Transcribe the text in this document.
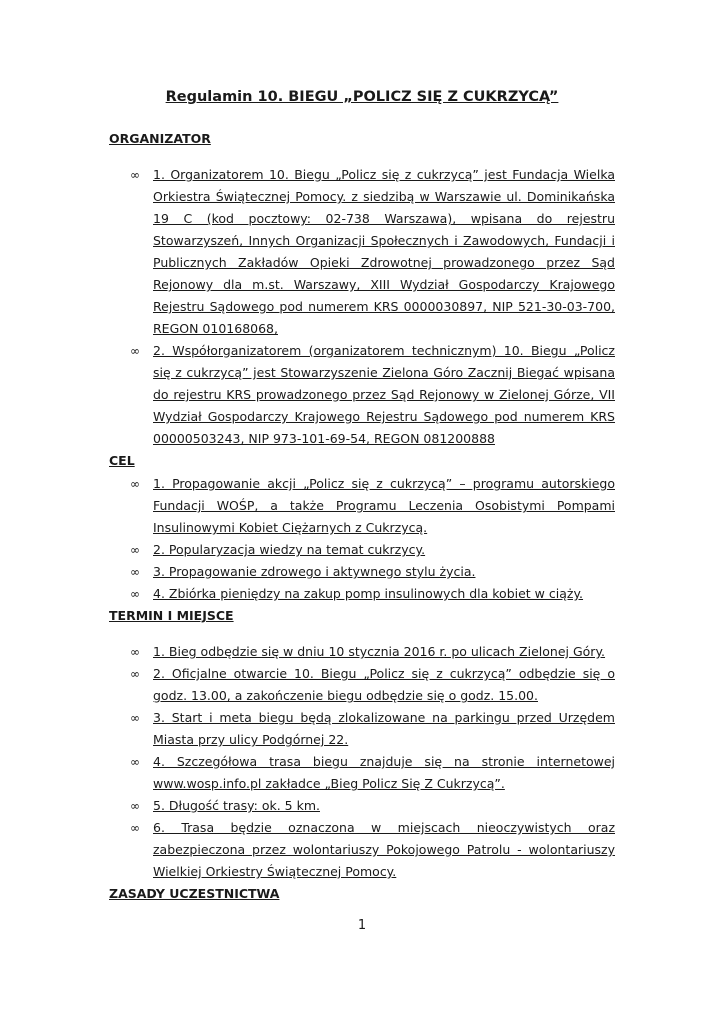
Regulamin 10. BIEGU „POLICZ SIĘ Z CUKRZYCĄ”
ORGANIZATOR
∞ 1. Organizatorem 10. Biegu „Policz się z cukrzycą” jest Fundacja Wielka Orkiestra Świątecznej Pomocy. z siedzibą w Warszawie ul. Dominikańska 19 C (kod pocztowy: 02-738 Warszawa), wpisana do rejestru Stowarzyszeń, Innych Organizacji Społecznych i Zawodowych, Fundacji i Publicznych Zakładów Opieki Zdrowotnej prowadzonego przez Sąd Rejonowy dla m.st. Warszawy, XIII Wydział Gospodarczy Krajowego Rejestru Sądowego pod numerem KRS 0000030897, NIP 521-30-03-700, REGON 010168068,
∞ 2. Współorganizatorem (organizatorem technicznym) 10. Biegu „Policz się z cukrzycą” jest Stowarzyszenie Zielona Góro Zacznij Biegać wpisana do rejestru KRS prowadzonego przez Sąd Rejonowy w Zielonej Górze, VII Wydział Gospodarczy Krajowego Rejestru Sądowego pod numerem KRS 00000503243, NIP 973-101-69-54, REGON 081200888
CEL
∞ 1. Propagowanie akcji „Policz się z cukrzycą” – programu autorskiego Fundacji WOŚP, a także Programu Leczenia Osobistymi Pompami Insulinowymi Kobiet Ciężarnych z Cukrzycą.
∞ 2. Popularyzacja wiedzy na temat cukrzycy.
∞ 3. Propagowanie zdrowego i aktywnego stylu życia.
∞ 4. Zbiórka pieniędzy na zakup pomp insulinowych dla kobiet w ciąży.
TERMIN I MIEJSCE
∞ 1. Bieg odbędzie się w dniu 10 stycznia 2016 r. po ulicach Zielonej Góry.
∞ 2. Oficjalne otwarcie 10. Biegu „Policz się z cukrzycą” odbędzie się o godz. 13.00, a zakończenie biegu odbędzie się o godz. 15.00.
∞ 3. Start i meta biegu będą zlokalizowane na parkingu przed Urzędem Miasta przy ulicy Podgórnej 22.
∞ 4. Szczegółowa trasa biegu znajduje się na stronie internetowej www.wosp.info.pl zakładce „Bieg Policz Się Z Cukrzycą”.
∞ 5. Długość trasy: ok. 5 km.
∞ 6. Trasa będzie oznaczona w miejscach nieoczywistych oraz zabezpieczona przez wolontariuszy Pokojowego Patrolu - wolontariuszy Wielkiej Orkiestry Świątecznej Pomocy.
ZASADY UCZESTNICTWA
1
